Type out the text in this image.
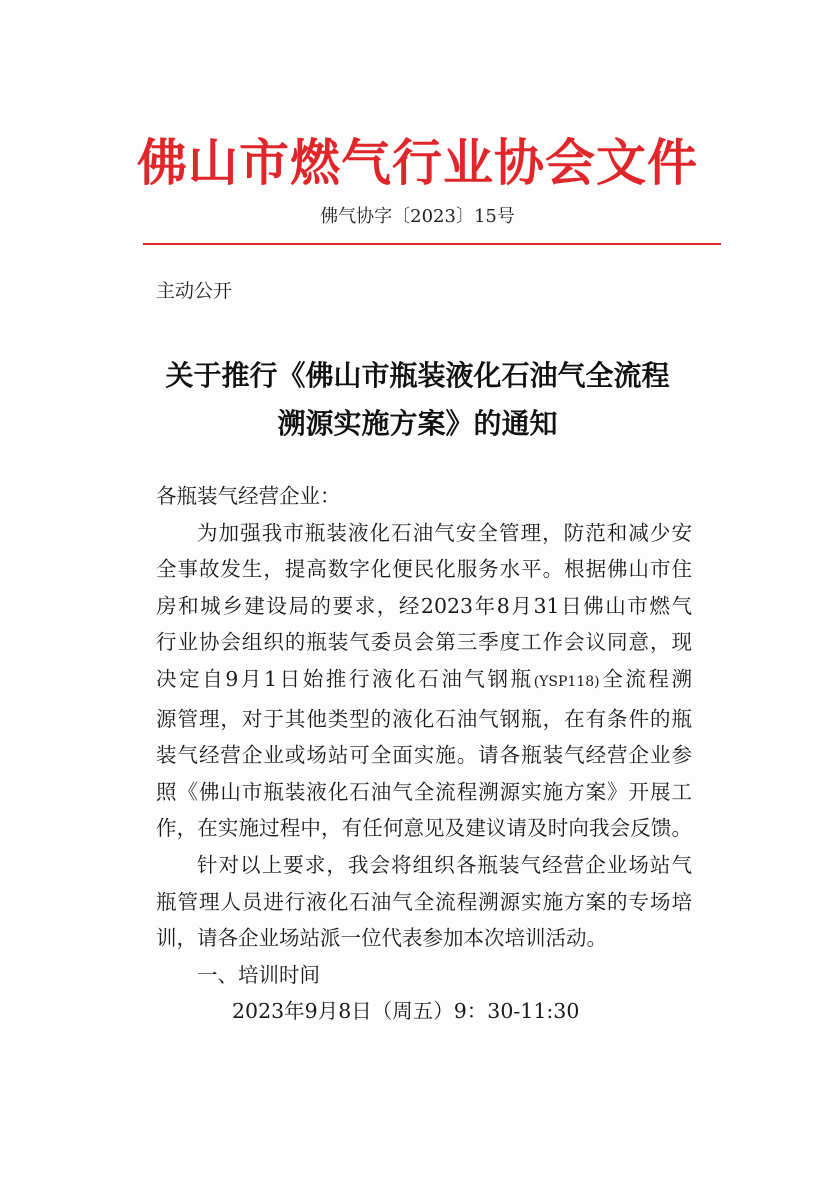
佛山市燃气行业协会文件
佛气协字〔2023〕15号
主动公开
关于推行《佛山市瓶装液化石油气全流程
溯源实施方案》的通知

各瓶装气经营企业：

为加强我市瓶装液化石油气安全管理，防范和减少安

全事故发生，提高数字化便民化服务水平。根据佛山市住

房和城乡建设局的要求，经2023年8月31日佛山市燃气

行业协会组织的瓶装气委员会第三季度工作会议同意，现

决定自9月1日始推行液化石油气钢瓶(YSP118)全流程溯

源管理，对于其他类型的液化石油气钢瓶，在有条件的瓶

装气经营企业或场站可全面实施。请各瓶装气经营企业参

照《佛山市瓶装液化石油气全流程溯源实施方案》开展工

作，在实施过程中，有任何意见及建议请及时向我会反馈。

针对以上要求，我会将组织各瓶装气经营企业场站气

瓶管理人员进行液化石油气全流程溯源实施方案的专场培

训，请各企业场站派一位代表参加本次培训活动。

一、培训时间

2023年9月8日（周五）9：30-11:30
